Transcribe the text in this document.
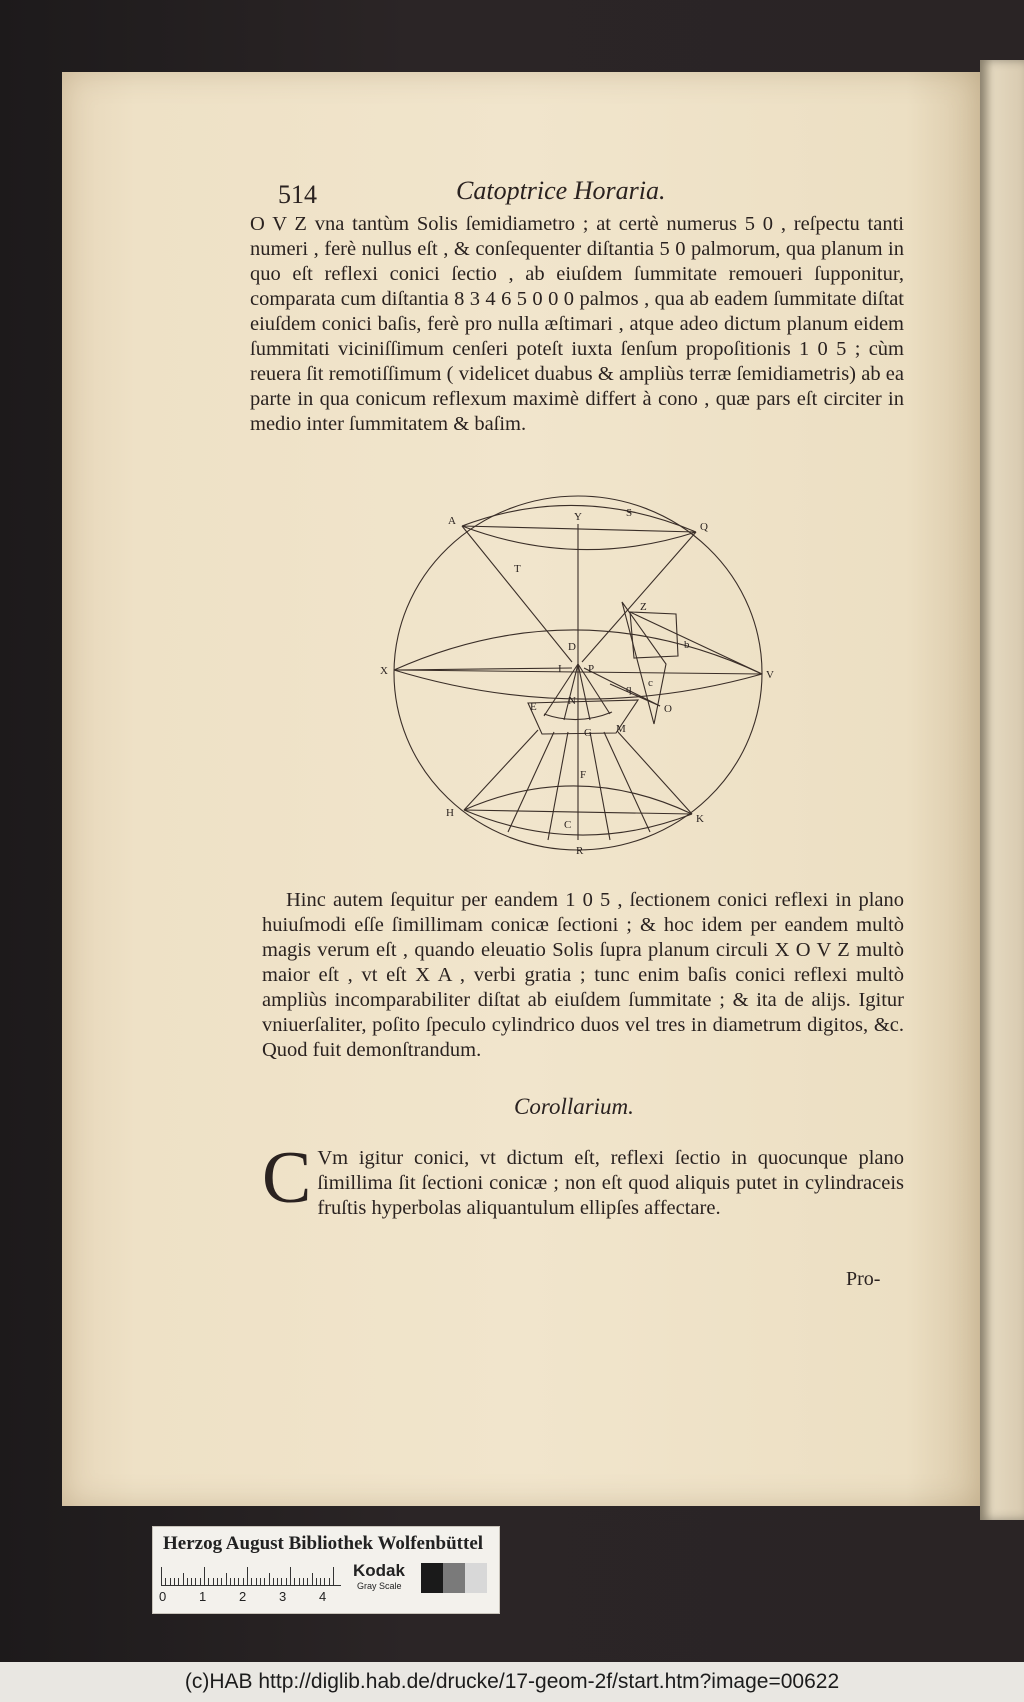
514	Catoptrice Horaria.
O V Z vna tantùm Solis ſemidiametro ; at certè numerus 5 0 , reſpectu tanti numeri , ferè nullus eſt , & conſequenter diſtantia 5 0 palmorum, qua planum in quo eſt reflexi conici ſectio , ab eiuſdem ſummitate remoueri ſupponitur, comparata cum diſtantia 8 3 4 6 5 0 0 0 palmos , qua ab eadem ſummitate diſtat eiuſdem conici baſis, ferè pro nulla æſtimari , atque adeo dictum planum eidem ſummitati viciniſſimum cenſeri poteſt iuxta ſenſum propoſitionis 1 0 5 ; cùm reuera ſit remotiſſimum ( videlicet duabus & ampliùs terræ ſemidiametris) ab ea parte in qua conicum reflexum maximè differt à cono , quæ pars eſt circiter in medio inter ſummitatem & baſim.
A	Y	S
Q
T
X	V
D
Z
b
I P
q c
O
E	N
G M
F
H
C	K
R
Hinc autem ſequitur per eandem 1 0 5 , ſectionem conici reflexi in plano huiuſmodi eſſe ſimillimam conicæ ſectioni ; & hoc idem per eandem multò magis verum eſt , quando eleuatio Solis ſupra planum circuli X O V Z multò maior eſt , vt eſt X A , verbi gratia ; tunc enim baſis conici reflexi multò ampliùs incomparabiliter diſtat ab eiuſdem ſummitate ; & ita de alijs. Igitur vniuerſaliter, poſito ſpeculo cylindrico duos vel tres in diametrum digitos, &c. Quod fuit demonſtrandum.
Corollarium.
C Vm igitur conici, vt dictum eſt, reflexi ſectio in quocunque plano ſimillima ſit ſectioni conicæ ; non eſt quod aliquis putet in cylindraceis fruſtis hyperbolas aliquantulum ellipſes affectare.
Pro-
Herzog August Bibliothek Wolfenbüttel
0	1	2	3	4
Kodak
Gray Scale
(c)HAB http://diglib.hab.de/drucke/17-geom-2f/start.htm?image=00622
